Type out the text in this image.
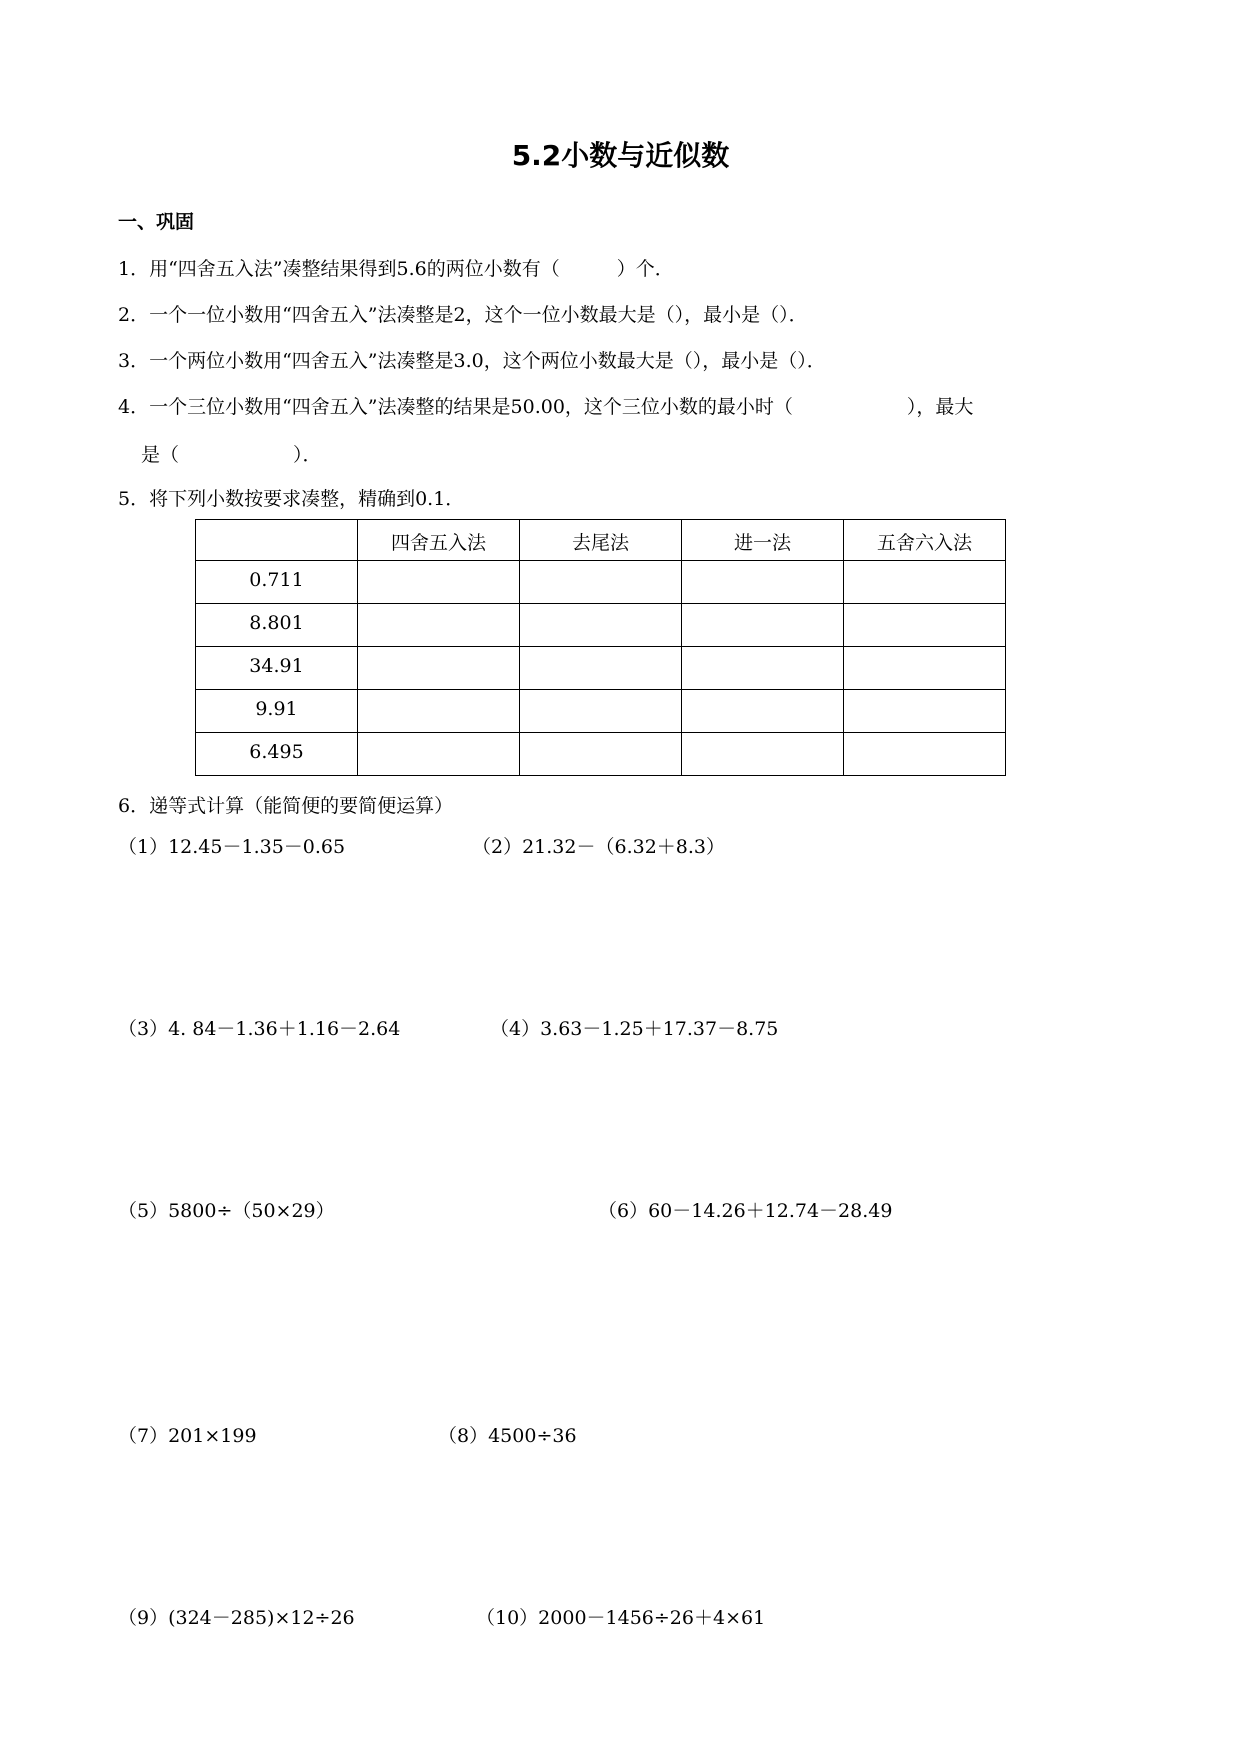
5.2小数与近似数
一、巩固
1．用“四舍五入法”凑整结果得到5.6的两位小数有（　　　）个．
2．一个一位小数用“四舍五入”法凑整是2，这个一位小数最大是（），最小是（）．
3．一个两位小数用“四舍五入”法凑整是3.0，这个两位小数最大是（），最小是（）．
4．一个三位小数用“四舍五入”法凑整的结果是50.00，这个三位小数的最小时（　　　　　　），最大
是（　　　　　　）．
5．将下列小数按要求凑整，精确到0.1．

	四舍五入法	去尾法	进一法	五舍六入法

0.711				

8.801				

34.91				

9.91				

6.495				

6．递等式计算（能简便的要简便运算）
（1）12.45－1.35－0.65	（2）21.32－（6.32＋8.3）
（3）4. 84－1.36＋1.16－2.64	（4）3.63－1.25＋17.37－8.75
（5）5800÷（50×29）	（6）60－14.26＋12.74－28.49
（7）201×199	（8）4500÷36
（9）(324－285)×12÷26	（10）2000－1456÷26＋4×61
